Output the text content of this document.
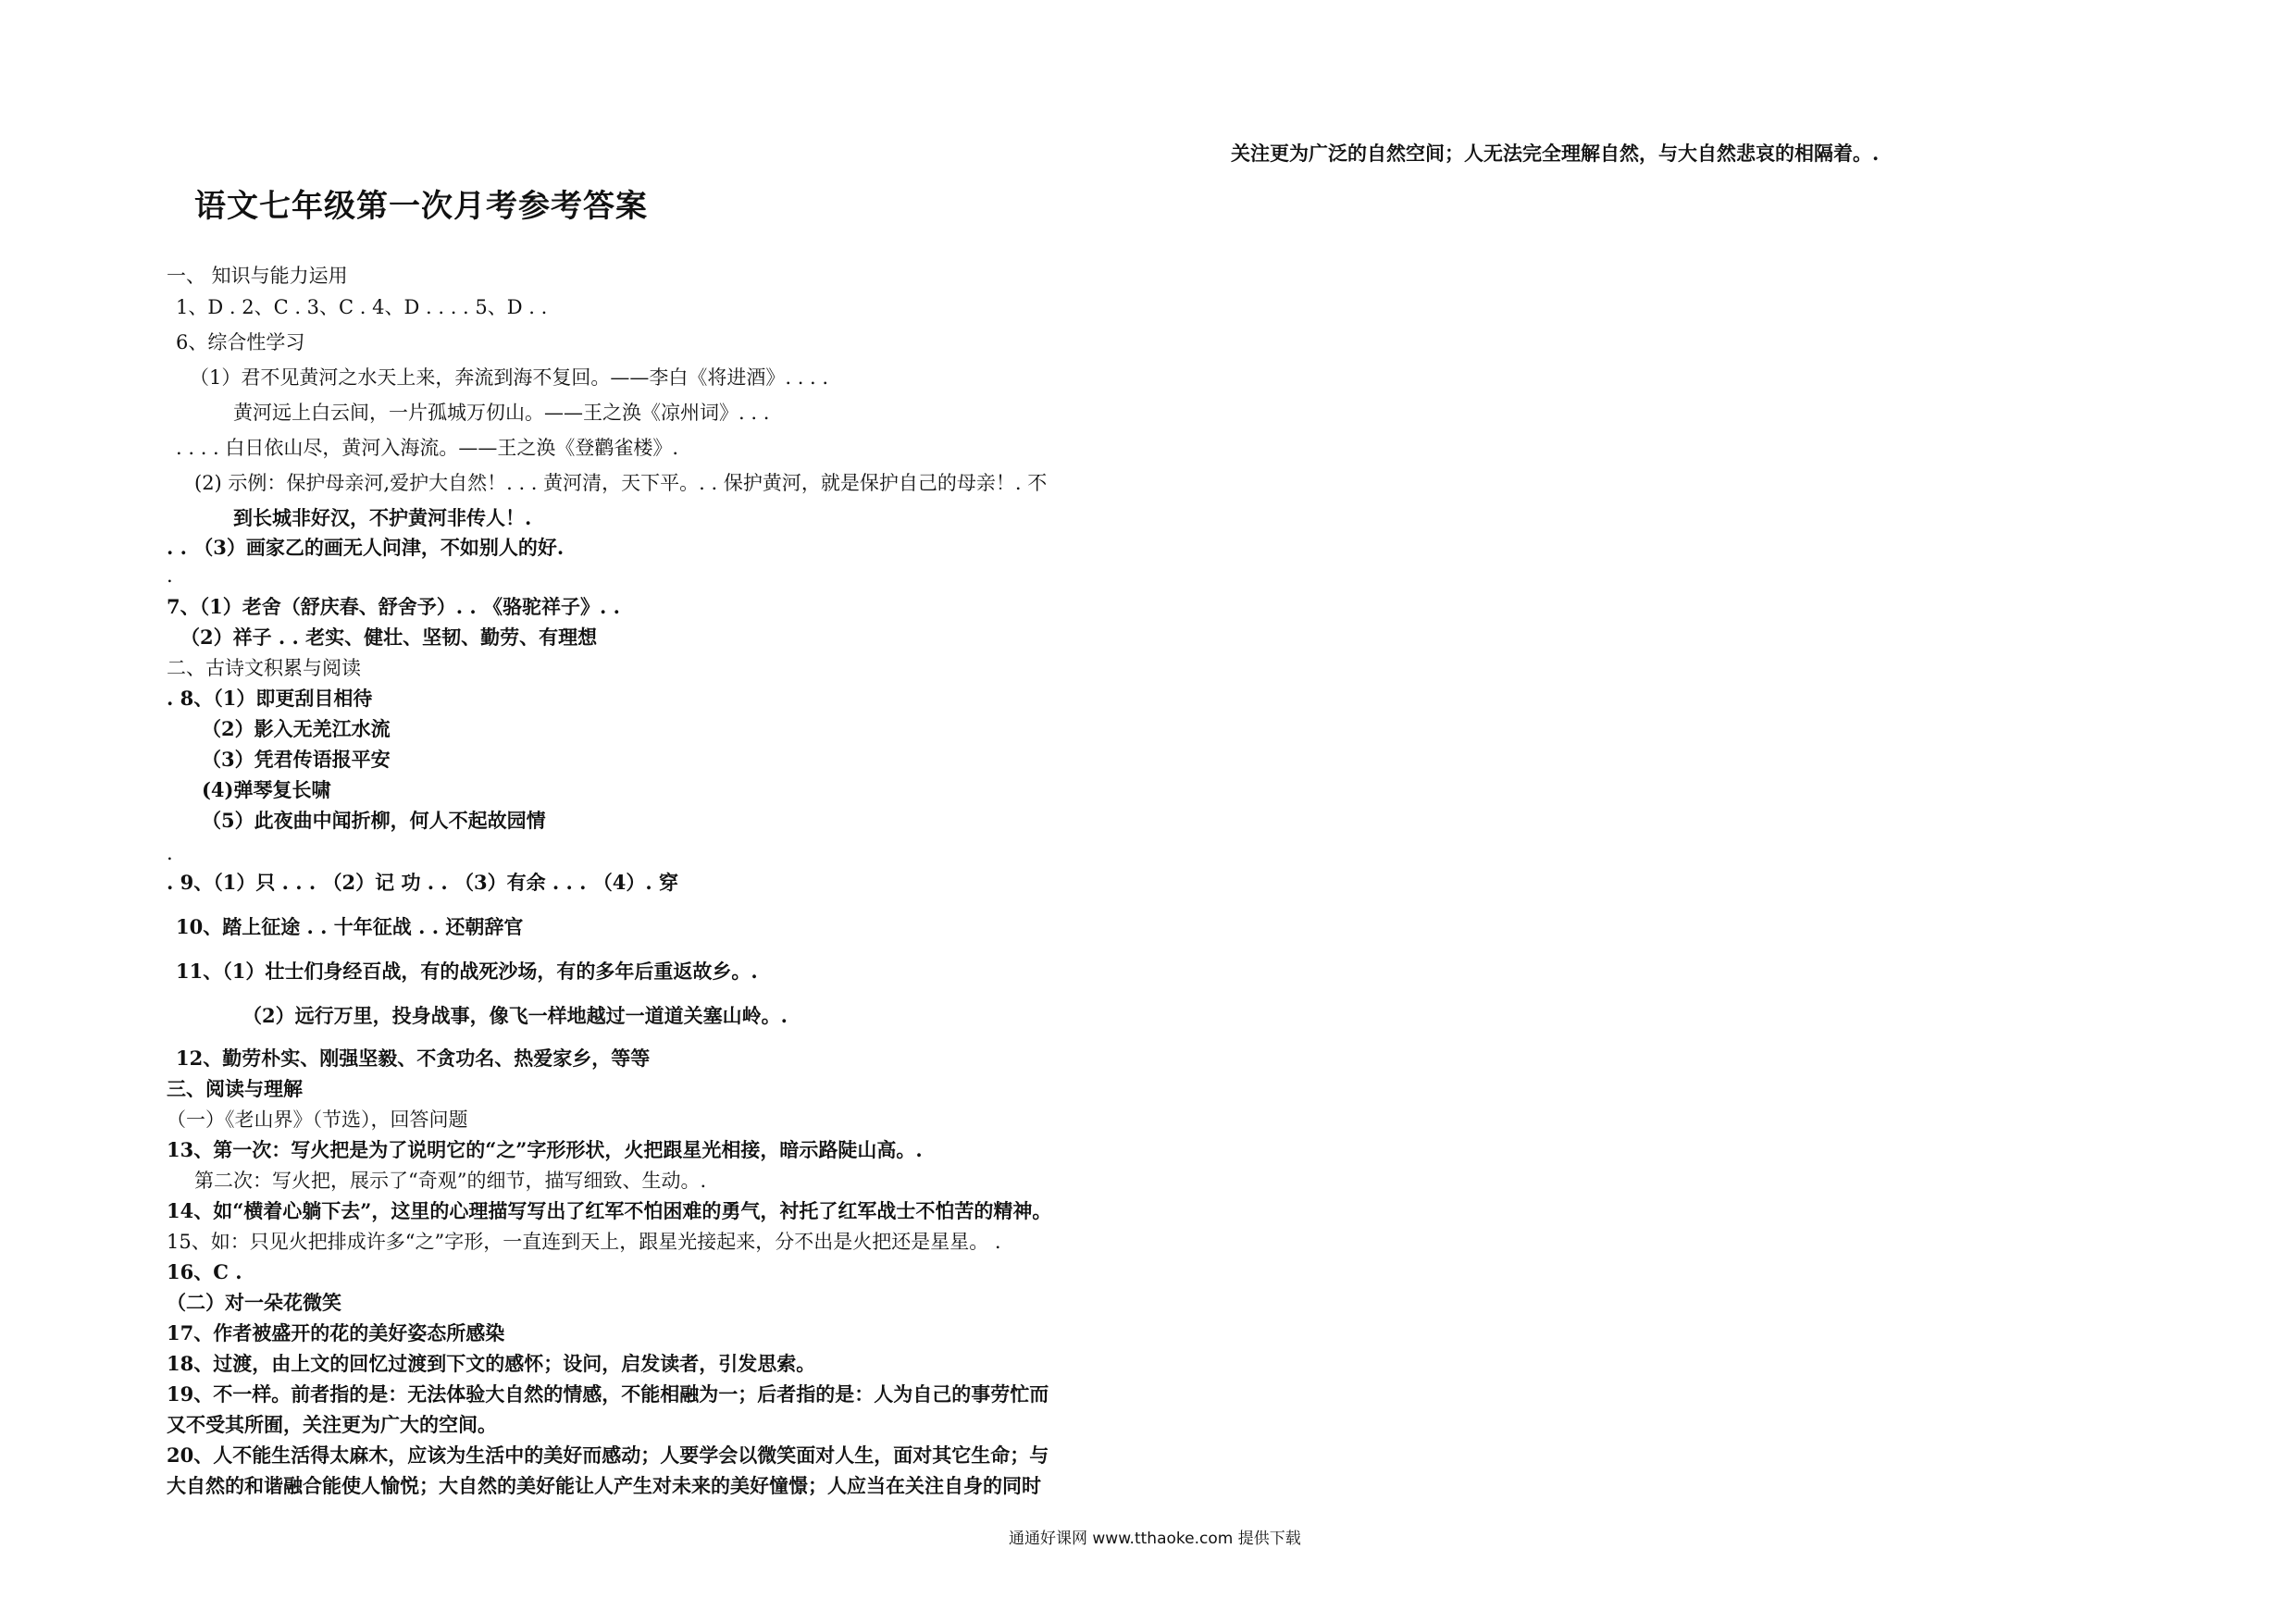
关注更为广泛的自然空间；人无法完全理解自然，与大自然悲哀的相隔着。.
语文七年级第一次月考参考答案
一、 知识与能力运用
1、D . 2、C . 3、C . 4、D . . . . 5、D . .
6、综合性学习
（1）君不见黄河之水天上来，奔流到海不复回。——李白《将进酒》. . . .
黄河远上白云间，一片孤城万仞山。——王之涣《凉州词》. . .
. . . . 白日依山尽，黄河入海流。——王之涣《登鹳雀楼》.
(2) 示例：保护母亲河,爱护大自然！. . . 黄河清，天下平。. . 保护黄河，就是保护自己的母亲！. 不
到长城非好汉，不护黄河非传人！.
. . （3）画家乙的画无人问津，不如别人的好.
.
7、（1）老舍（舒庆春、舒舍予）. . 《骆驼祥子》. .
（2）祥子 . . 老实、健壮、坚韧、勤劳、有理想
二、古诗文积累与阅读
. 8、（1）即更刮目相待
（2）影入无羌江水流
（3）凭君传语报平安
(4)弹琴复长啸
（5）此夜曲中闻折柳，何人不起故园情
.
. 9、（1）只 . . . （2）记 功 . . （3）有余 . . . （4）. 穿
10、踏上征途 . . 十年征战 . . 还朝辞官
11、（1）壮士们身经百战，有的战死沙场，有的多年后重返故乡。.
（2）远行万里，投身战事，像飞一样地越过一道道关塞山岭。.
12、勤劳朴实、刚强坚毅、不贪功名、热爱家乡，等等
三、阅读与理解
（一）《老山界》（节选），回答问题
13、第一次：写火把是为了说明它的“之”字形形状，火把跟星光相接，暗示路陡山高。.
第二次：写火把，展示了“奇观”的细节，描写细致、生动。.
14、如“横着心躺下去”，这里的心理描写写出了红军不怕困难的勇气，衬托了红军战士不怕苦的精神。
15、如：只见火把排成许多“之”字形，一直连到天上，跟星光接起来，分不出是火把还是星星。 .
16、C .
（二）对一朵花微笑
17、作者被盛开的花的美好姿态所感染
18、过渡，由上文的回忆过渡到下文的感怀；设问，启发读者，引发思索。
19、不一样。前者指的是：无法体验大自然的情感，不能相融为一；后者指的是：人为自己的事劳忙而
又不受其所囿，关注更为广大的空间。
20、人不能生活得太麻木，应该为生活中的美好而感动；人要学会以微笑面对人生，面对其它生命；与
大自然的和谐融合能使人愉悦；大自然的美好能让人产生对未来的美好憧憬；人应当在关注自身的同时
通通好课网 www.tthaoke.com 提供下载
